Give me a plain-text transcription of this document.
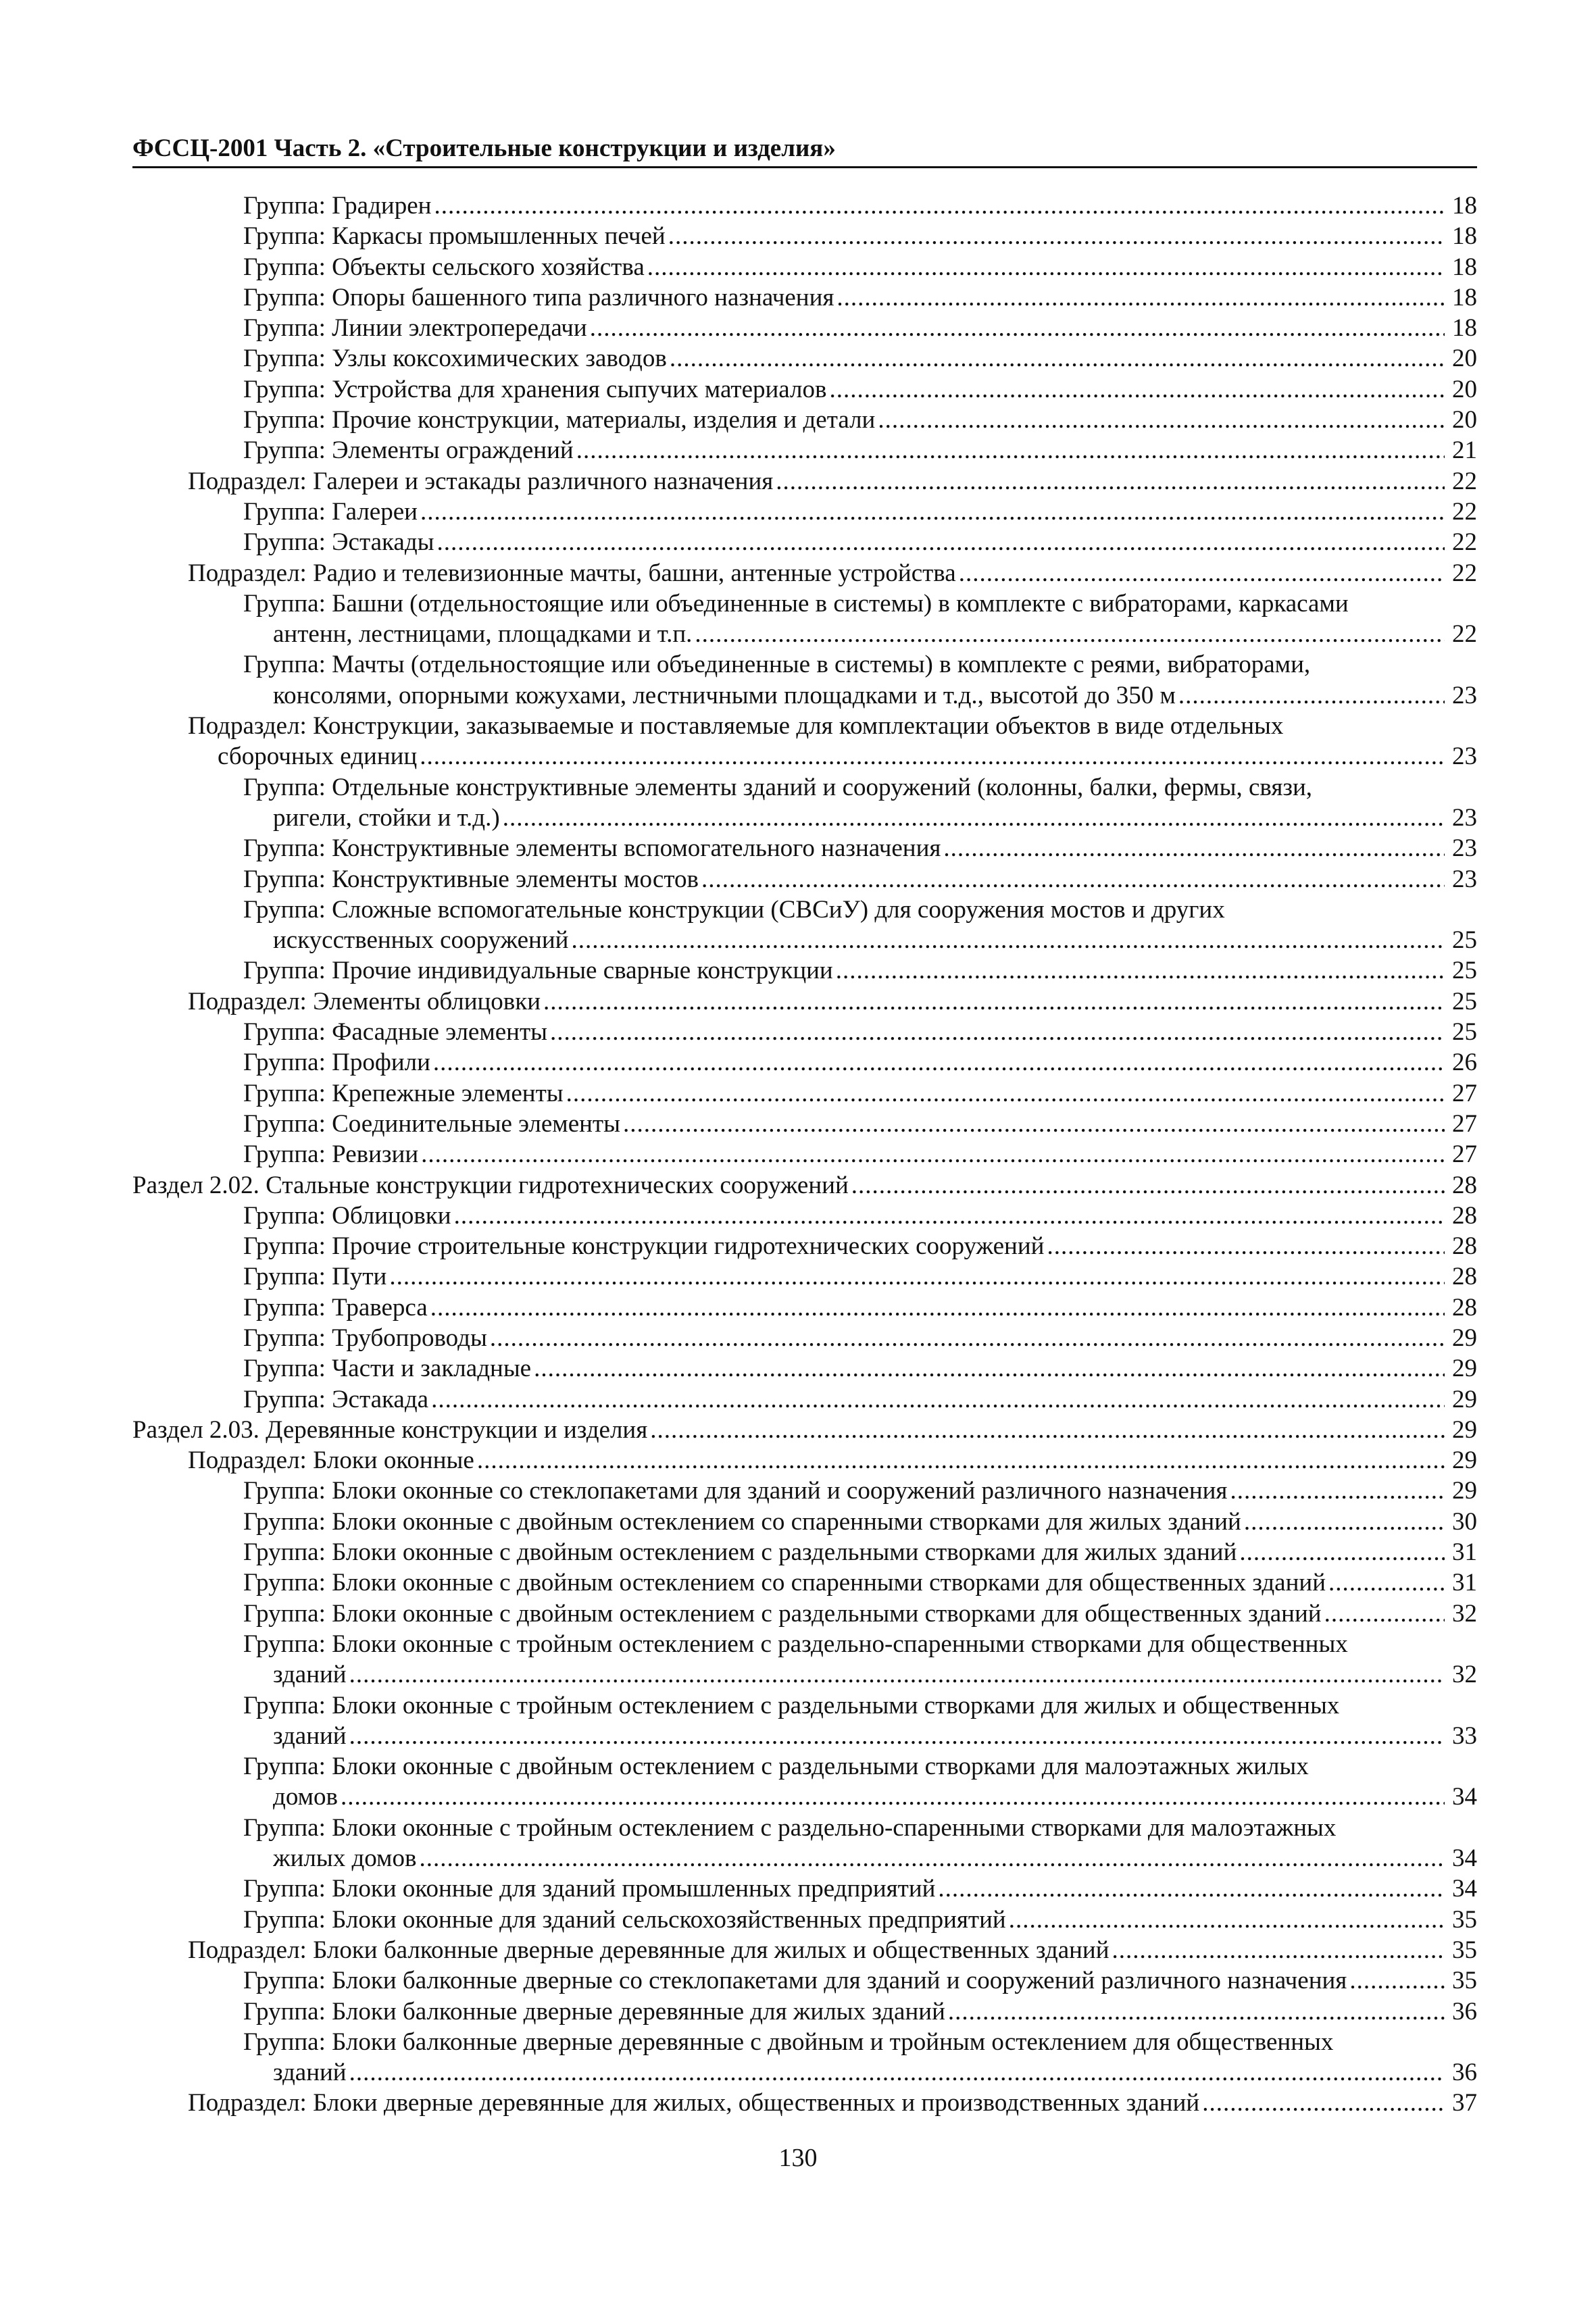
ФССЦ-2001 Часть 2. «Строительные конструкции и изделия»
Группа: Градирен .....	18
Группа: Каркасы промышленных печей .....	18
Группа: Объекты сельского хозяйства .....	18
Группа: Опоры башенного типа различного назначения .....	18
Группа: Линии электропередачи .....	18
Группа: Узлы коксохимических заводов .....	20
Группа: Устройства для хранения сыпучих материалов .....	20
Группа: Прочие конструкции, материалы, изделия и детали .....	20
Группа: Элементы ограждений .....	21
Подраздел: Галереи и эстакады различного назначения .....	22
Группа: Галереи .....	22
Группа: Эстакады .....	22
Подраздел: Радио и телевизионные мачты, башни, антенные устройства .....	22
Группа: Башни (отдельностоящие или объединенные в системы) в комплекте с вибраторами, каркасами
антенн, лестницами, площадками и т.п. .....	22
Группа: Мачты (отдельностоящие или объединенные в системы) в комплекте с реями, вибраторами,
консолями, опорными кожухами, лестничными площадками и т.д., высотой до 350 м .....	23
Подраздел: Конструкции, заказываемые и поставляемые для комплектации объектов в виде отдельных
сборочных единиц .....	23
Группа: Отдельные конструктивные элементы зданий и сооружений (колонны, балки, фермы, связи,
ригели, стойки и т.д.) .....	23
Группа: Конструктивные элементы вспомогательного назначения .....	23
Группа: Конструктивные элементы мостов .....	23
Группа: Сложные вспомогательные конструкции (СВСиУ) для сооружения мостов и других
искусственных сооружений .....	25
Группа: Прочие индивидуальные сварные конструкции .....	25
Подраздел: Элементы облицовки .....	25
Группа: Фасадные элементы .....	25
Группа: Профили .....	26
Группа: Крепежные элементы .....	27
Группа: Соединительные элементы .....	27
Группа: Ревизии .....	27
Раздел 2.02. Стальные конструкции гидротехнических сооружений .....	28
Группа: Облицовки .....	28
Группа: Прочие строительные конструкции гидротехнических сооружений .....	28
Группа: Пути .....	28
Группа: Траверса .....	28
Группа: Трубопроводы .....	29
Группа: Части и закладные .....	29
Группа: Эстакада .....	29
Раздел 2.03. Деревянные конструкции и изделия .....	29
Подраздел: Блоки оконные .....	29
Группа: Блоки оконные со стеклопакетами для зданий и сооружений различного назначения .....	29
Группа: Блоки оконные с двойным остеклением со спаренными створками для жилых зданий .....	30
Группа: Блоки оконные с двойным остеклением с раздельными створками для жилых зданий .....	31
Группа: Блоки оконные с двойным остеклением со спаренными створками для общественных зданий .....	31
Группа: Блоки оконные с двойным остеклением с раздельными створками для общественных зданий .....	32
Группа: Блоки оконные с тройным остеклением с раздельно-спаренными створками для общественных
зданий .....	32
Группа: Блоки оконные с тройным остеклением с раздельными створками для жилых и общественных
зданий .....	33
Группа: Блоки оконные с двойным остеклением с раздельными створками для малоэтажных жилых
домов .....	34
Группа: Блоки оконные с тройным остеклением с раздельно-спаренными створками для малоэтажных
жилых домов .....	34
Группа: Блоки оконные для зданий промышленных предприятий .....	34
Группа: Блоки оконные для зданий сельскохозяйственных предприятий .....	35
Подраздел: Блоки балконные дверные деревянные для жилых и общественных зданий .....	35
Группа: Блоки балконные дверные со стеклопакетами для зданий и сооружений различного назначения .....	35
Группа: Блоки балконные дверные деревянные для жилых зданий .....	36
Группа: Блоки балконные дверные деревянные с двойным и тройным остеклением для общественных
зданий .....	36
Подраздел: Блоки дверные деревянные для жилых, общественных и производственных зданий .....	37
130
